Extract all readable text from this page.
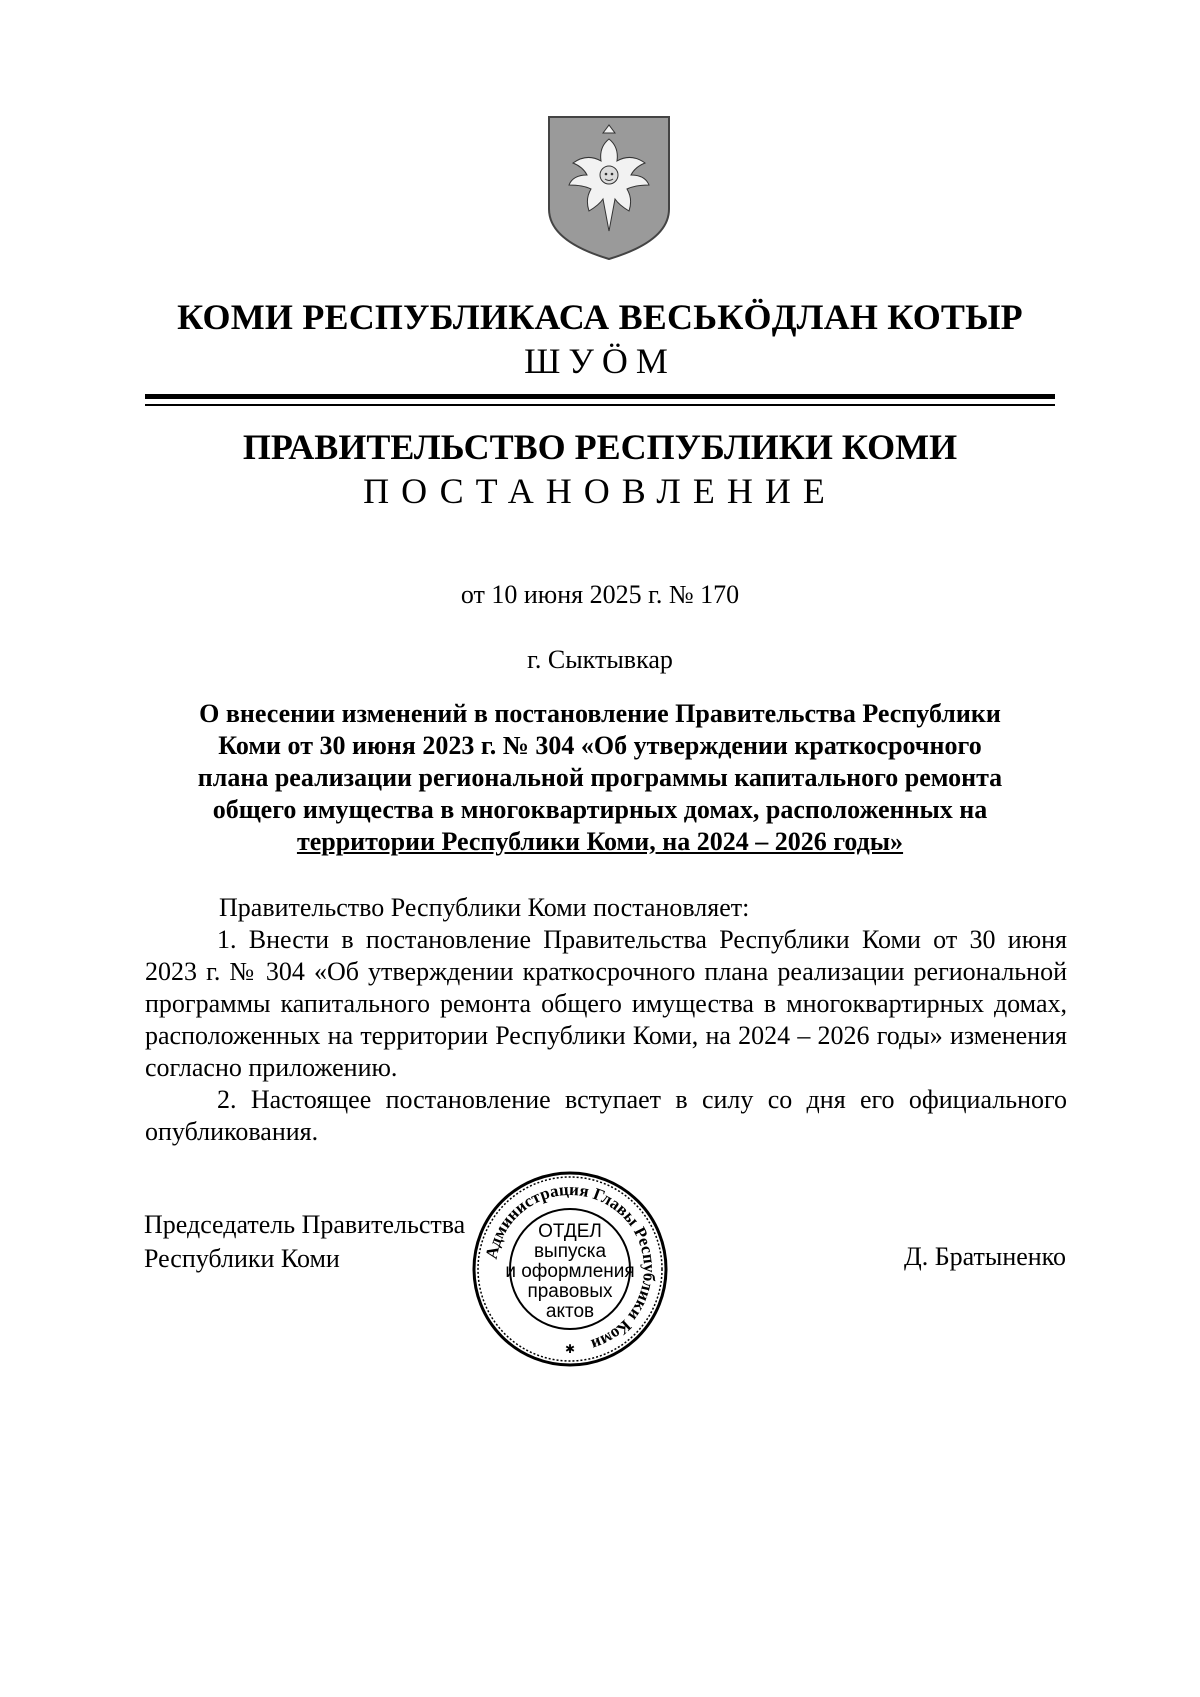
КОМИ РЕСПУБЛИКАСА ВЕСЬКӦДЛАН КОТЫР
ШУӦМ
ПРАВИТЕЛЬСТВО РЕСПУБЛИКИ КОМИ
ПОСТАНОВЛЕНИЕ
от 10 июня 2025 г. № 170
г. Сыктывкар
О внесении изменений в постановление Правительства Республики
Коми от 30 июня 2023 г. № 304 «Об утверждении краткосрочного
плана реализации региональной программы капитального ремонта
общего имущества в многоквартирных домах, расположенных на
территории Республики Коми, на 2024 – 2026 годы»

Правительство Республики Коми постановляет:

1. Внести в постановление Правительства Республики Коми от 30 июня 2023 г. № 304 «Об утверждении краткосрочного плана реализации региональной программы капитального ремонта общего имущества в многоквартирных домах, расположенных на территории Республики Коми, на 2024 – 2026 годы» изменения согласно приложению.

2. Настоящее постановление вступает в силу со дня его официального опубликования.

Председатель Правительства
Республики Коми	Д. Братыненко
Администрация Главы Республики Коми
ОТДЕЛ
выпуска
и оформления
правовых
актов
✱
